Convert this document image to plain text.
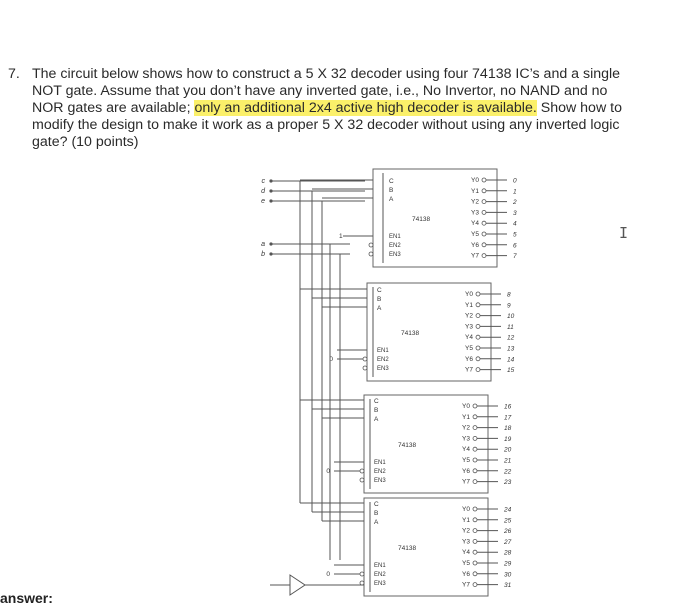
7. The circuit below shows how to construct a 5 X 32 decoder using four 74138 IC’s and a single
NOT gate. Assume that you don’t have any inverted gate, i.e., No Invertor, no NAND and no
NOR gates are available; only an additional 2x4 active high decoder is available. Show how to
modify the design to make it work as a proper 5 X 32 decoder without using any inverted logic
gate? (10 points)
c
d
e
a
b
C
B
A
74138
EN1
EN2
EN3
1
Y0	0
Y1	1
Y2	2
Y3	3
Y4	4
Y5	5
Y6	6
Y7	7
C
B
A
74138
EN1
EN2
EN3
0
Y0	8
Y1	9
Y2	10
Y3	11
Y4	12
Y5	13
Y6	14
Y7	15
C
B
A
74138
EN1
EN2
EN3
0
Y0	16
Y1	17
Y2	18
Y3	19
Y4	20
Y5	21
Y6	22
Y7	23
C
B
A
74138
EN1
EN2
EN3
0
Y0	24
Y1	25
Y2	26
Y3	27
Y4	28
Y5	29
Y6	30
Y7	31
I
answer:
